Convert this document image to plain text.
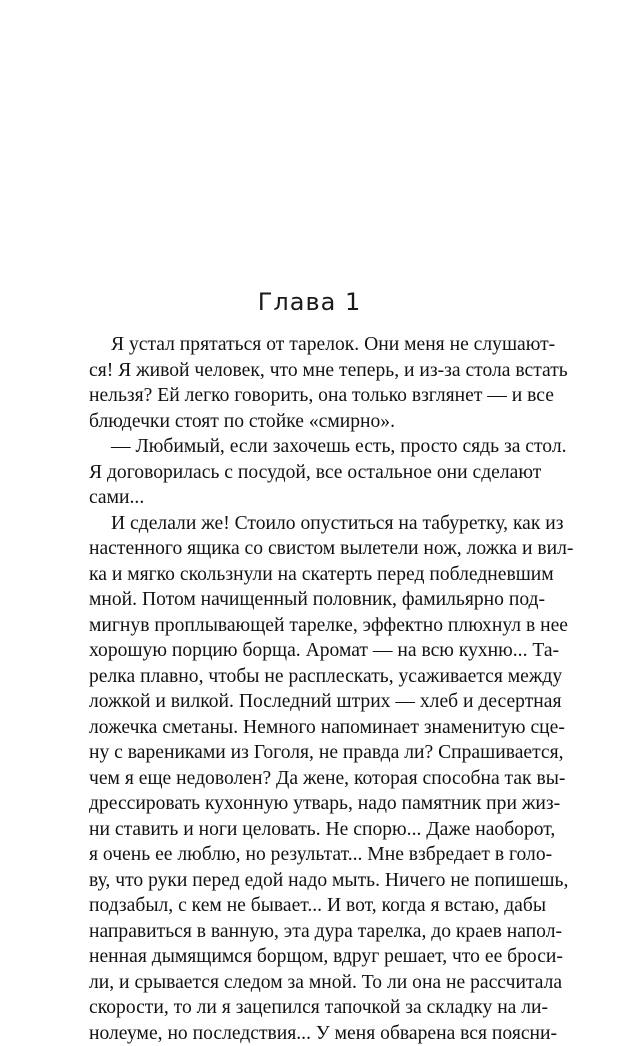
Глава 1
Я устал прятаться от тарелок. Они меня не слушают-
ся! Я живой человек, что мне теперь, и из-за стола встать
нельзя? Ей легко говорить, она только взглянет — и все
блюдечки стоят по стойке «смирно».
— Любимый, если захочешь есть, просто сядь за стол.
Я договорилась с посудой, все остальное они сделают
сами...
И сделали же! Стоило опуститься на табуретку, как из
настенного ящика со свистом вылетели нож, ложка и вил-
ка и мягко скользнули на скатерть перед побледневшим
мной. Потом начищенный половник, фамильярно под-
мигнув проплывающей тарелке, эффектно плюхнул в нее
хорошую порцию борща. Аромат — на всю кухню... Та-
релка плавно, чтобы не расплескать, усаживается между
ложкой и вилкой. Последний штрих — хлеб и десертная
ложечка сметаны. Немного напоминает знаменитую сце-
ну с варениками из Гоголя, не правда ли? Спрашивается,
чем я еще недоволен? Да жене, которая способна так вы-
дрессировать кухонную утварь, надо памятник при жиз-
ни ставить и ноги целовать. Не спорю... Даже наоборот,
я очень ее люблю, но результат... Мне взбредает в голо-
ву, что руки перед едой надо мыть. Ничего не попишешь,
подзабыл, с кем не бывает... И вот, когда я встаю, дабы
направиться в ванную, эта дура тарелка, до краев напол-
ненная дымящимся борщом, вдруг решает, что ее броси-
ли, и срывается следом за мной. То ли она не рассчитала
скорости, то ли я зацепился тапочкой за складку на ли-
нолеуме, но последствия... У меня обварена вся поясни-
